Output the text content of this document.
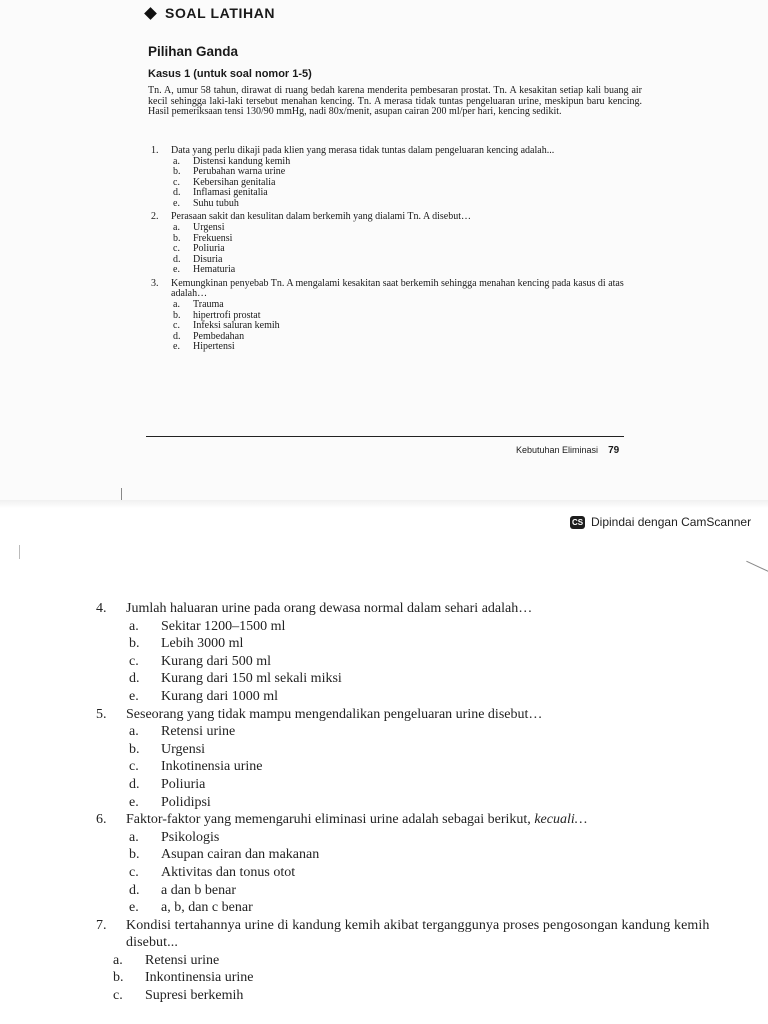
SOAL LATIHAN
Pilihan Ganda
Kasus 1 (untuk soal nomor 1-5)
Tn. A, umur 58 tahun, dirawat di ruang bedah karena menderita pembesaran prostat. Tn. A kesakitan setiap kali buang air kecil sehingga laki-laki tersebut menahan kencing. Tn. A merasa tidak tuntas pengeluaran urine, meskipun baru kencing. Hasil pemeriksaan tensi 130/90 mmHg, nadi 80x/menit, asupan cairan 200 ml/per hari, kencing sedikit.
1.	Data yang perlu dikaji pada klien yang merasa tidak tuntas dalam pengeluaran kencing adalah...
a.	Distensi kandung kemih
b.	Perubahan warna urine
c.	Kebersihan genitalia
d.	Inflamasi genitalia
e.	Suhu tubuh
2.	Perasaan sakit dan kesulitan dalam berkemih yang dialami Tn. A disebut…
a.	Urgensi
b.	Frekuensi
c.	Poliuria
d.	Disuria
e.	Hematuria
3.	Kemungkinan penyebab Tn. A mengalami kesakitan saat berkemih sehingga menahan kencing pada kasus di atas adalah…
a.	Trauma
b.	hipertrofi prostat
c.	Infeksi saluran kemih
d.	Pembedahan
e.	Hipertensi
Kebutuhan Eliminasi 79
CS Dipindai dengan CamScanner
4.	Jumlah haluaran urine pada orang dewasa normal dalam sehari adalah…
a.	Sekitar 1200–1500 ml
b.	Lebih 3000 ml
c.	Kurang dari 500 ml
d.	Kurang dari 150 ml sekali miksi
e.	Kurang dari 1000 ml
5.	Seseorang yang tidak mampu mengendalikan pengeluaran urine disebut…
a.	Retensi urine
b.	Urgensi
c.	Inkotinensia urine
d.	Poliuria
e.	Polidipsi
6.	Faktor-faktor yang memengaruhi eliminasi urine adalah sebagai berikut, kecuali…
a.	Psikologis
b.	Asupan cairan dan makanan
c.	Aktivitas dan tonus otot
d.	a dan b benar
e.	a, b, dan c benar
7.	Kondisi tertahannya urine di kandung kemih akibat terganggunya proses pengosongan kandung kemih disebut...
a.	Retensi urine
b.	Inkontinensia urine
c.	Supresi berkemih
